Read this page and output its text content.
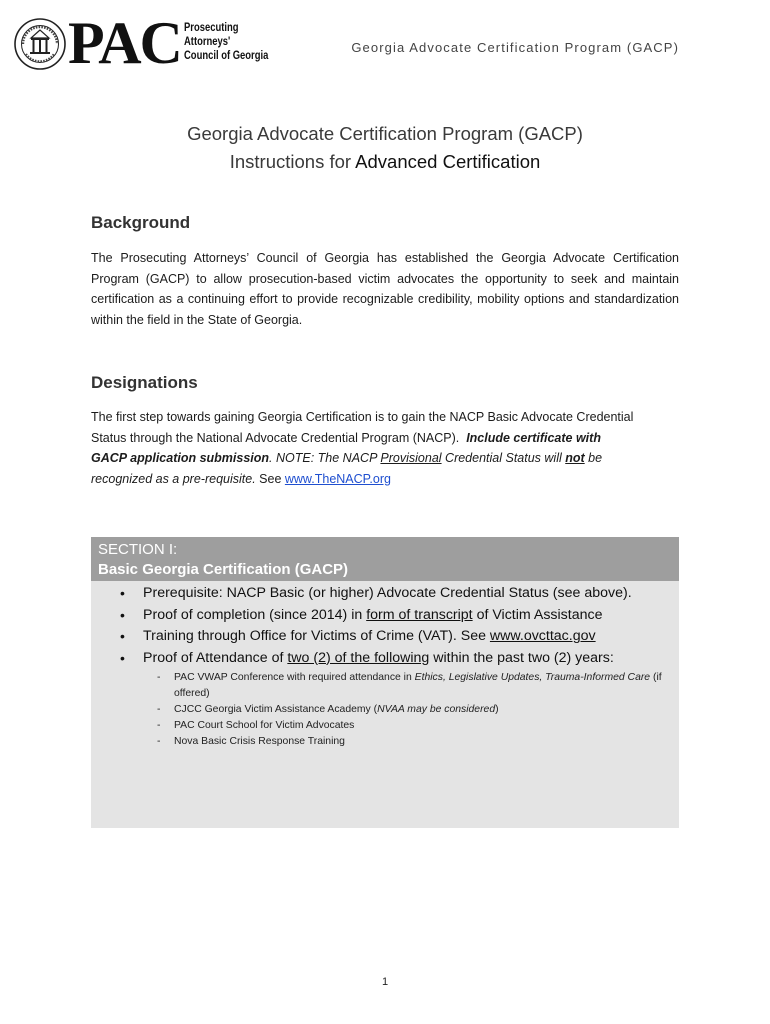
PAC Prosecuting
Attorneys'
Council of Georgia
Georgia Advocate Certification Program (GACP)
Georgia Advocate Certification Program (GACP)
Instructions for Advanced Certification
Background

The Prosecuting Attorneys’ Council of Georgia has established the Georgia Advocate Certification Program (GACP) to allow prosecution-based victim advocates the opportunity to seek and maintain certification as a continuing effort to provide recognizable credibility, mobility options and standardization within the field in the State of Georgia.

Designations

The first step towards gaining Georgia Certification is to gain the NACP Basic Advocate Credential Status through the National Advocate Credential Program (NACP). Include certificate with GACP application submission. NOTE: The NACP Provisional Credential Status will not be recognized as a pre-requisite. See www.TheNACP.org

SECTION I:
Basic Georgia Certification (GACP)
• Prerequisite: NACP Basic (or higher) Advocate Credential Status (see above).
• Proof of completion (since 2014) in form of transcript of Victim Assistance
• Training through Office for Victims of Crime (VAT). See www.ovcttac.gov
• Proof of Attendance of two (2) of the following within the past two (2) years:
- PAC VWAP Conference with required attendance in Ethics, Legislative Updates, Trauma-Informed Care (if offered)
- CJCC Georgia Victim Assistance Academy (NVAA may be considered)
- PAC Court School for Victim Advocates
- Nova Basic Crisis Response Training
1
